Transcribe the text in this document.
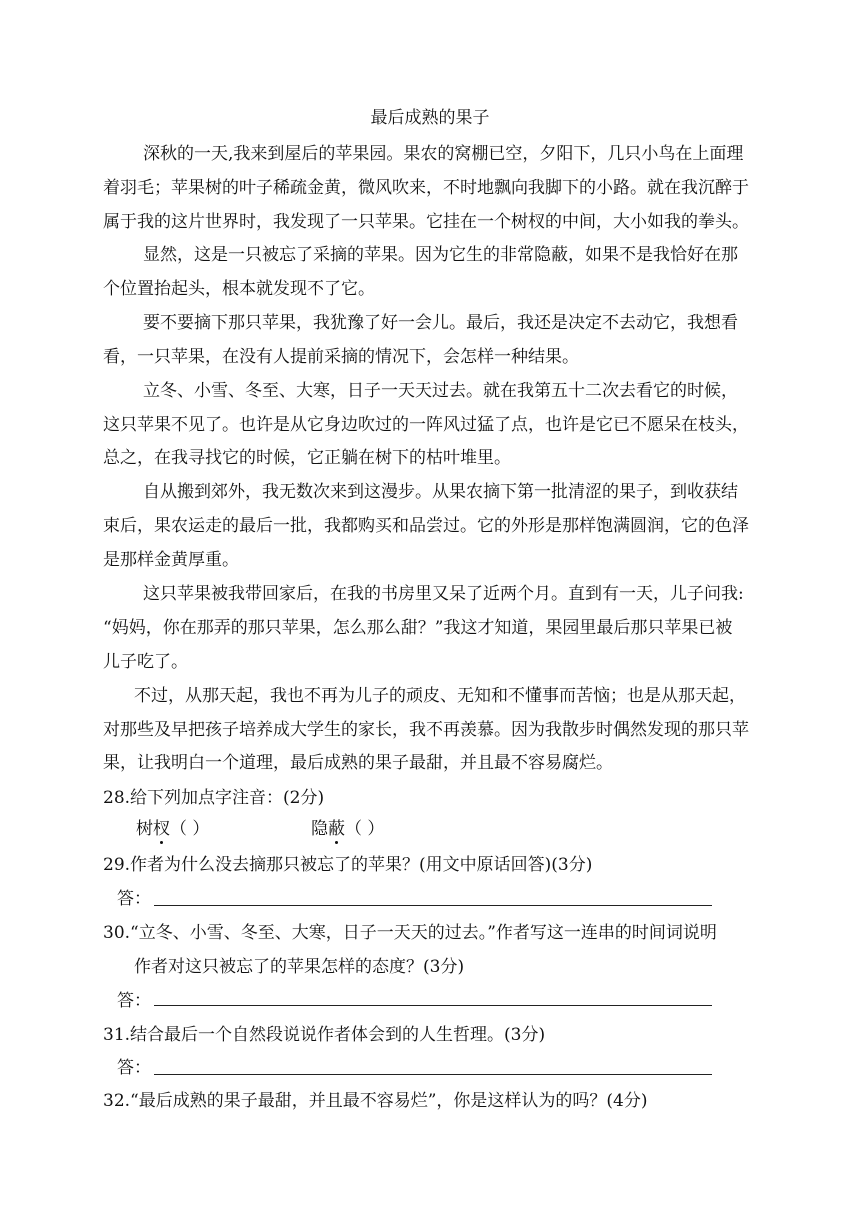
最后成熟的果子
深秋的一天,我来到屋后的苹果园。果农的窝棚已空，夕阳下，几只小鸟在上面理
着羽毛；苹果树的叶子稀疏金黄，微风吹来，不时地飘向我脚下的小路。就在我沉醉于
属于我的这片世界时，我发现了一只苹果。它挂在一个树杈的中间，大小如我的拳头。
显然，这是一只被忘了采摘的苹果。因为它生的非常隐蔽，如果不是我恰好在那
个位置抬起头，根本就发现不了它。
要不要摘下那只苹果，我犹豫了好一会儿。最后，我还是决定不去动它，我想看
看，一只苹果，在没有人提前采摘的情况下，会怎样一种结果。
立冬、小雪、冬至、大寒，日子一天天过去。就在我第五十二次去看它的时候，
这只苹果不见了。也许是从它身边吹过的一阵风过猛了点，也许是它已不愿呆在枝头，
总之，在我寻找它的时候，它正躺在树下的枯叶堆里。
自从搬到郊外，我无数次来到这漫步。从果农摘下第一批清涩的果子，到收获结
束后，果农运走的最后一批，我都购买和品尝过。它的外形是那样饱满圆润，它的色泽
是那样金黄厚重。
这只苹果被我带回家后，在我的书房里又呆了近两个月。直到有一天，儿子问我:
“妈妈，你在那弄的那只苹果，怎么那么甜？”我这才知道，果园里最后那只苹果已被
儿子吃了。
不过，从那天起，我也不再为儿子的顽皮、无知和不懂事而苦恼；也是从那天起，
对那些及早把孩子培养成大学生的家长，我不再羡慕。因为我散步时偶然发现的那只苹
果，让我明白一个道理，最后成熟的果子最甜，并且最不容易腐烂。
28.给下列加点字注音：(2分)
树杈（ ）	隐蔽（ ）
29.作者为什么没去摘那只被忘了的苹果？(用文中原话回答)(3分)
答：
30.“立冬、小雪、冬至、大寒，日子一天天的过去。”作者写这一连串的时间词说明
作者对这只被忘了的苹果怎样的态度？(3分)
答：
31.结合最后一个自然段说说作者体会到的人生哲理。(3分)
答：
32.“最后成熟的果子最甜，并且最不容易烂”，你是这样认为的吗？(4分)
